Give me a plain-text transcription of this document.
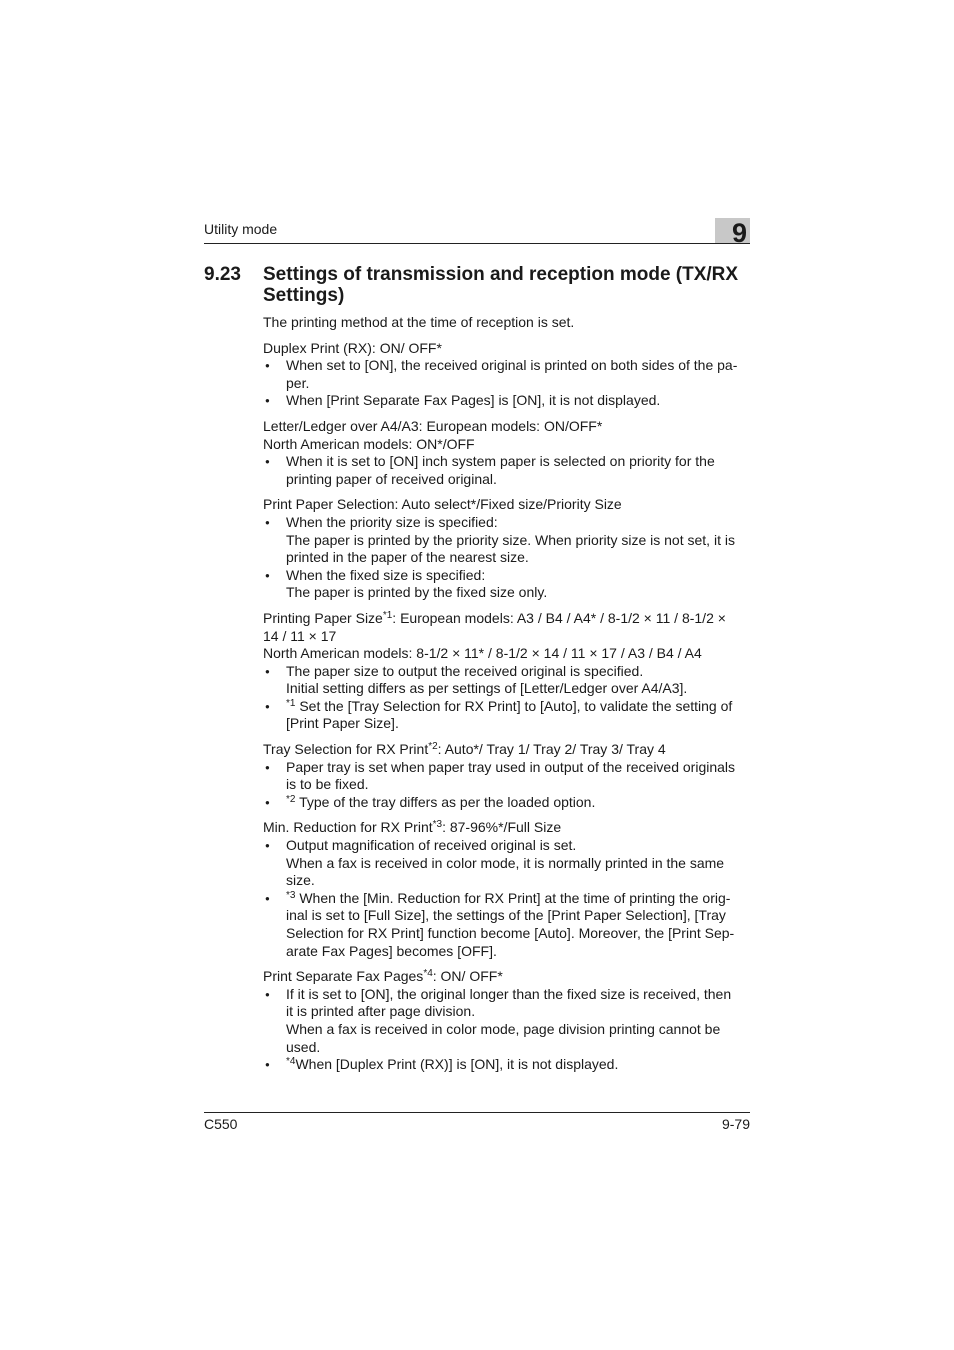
Utility mode	9
9.23 Settings of transmission and reception mode (TX/RX Settings)

The printing method at the time of reception is set.

Duplex Print (RX): ON/ OFF*

● When set to [ON], the received original is printed on both sides of the pa-
per.
● When [Print Separate Fax Pages] is [ON], it is not displayed.

Letter/Ledger over A4/A3: European models: ON/OFF*

North American models: ON*/OFF

● When it is set to [ON] inch system paper is selected on priority for the
printing paper of received original.

Print Paper Selection: Auto select*/Fixed size/Priority Size

● When the priority size is specified:
The paper is printed by the priority size. When priority size is not set, it is
printed in the paper of the nearest size.
● When the fixed size is specified:
The paper is printed by the fixed size only.

Printing Paper Size$^{*1}$: European models: A3 / B4 / A4* / 8-1/2 × 11 / 8-1/2 ×

14 / 11 × 17

North American models: 8-1/2 × 11* / 8-1/2 × 14 / 11 × 17 / A3 / B4 / A4

● The paper size to output the received original is specified.
Initial setting differs as per settings of [Letter/Ledger over A4/A3].
● $^{*1}$ Set the [Tray Selection for RX Print] to [Auto], to validate the setting of
[Print Paper Size].

Tray Selection for RX Print$^{*2}$: Auto*/ Tray 1/ Tray 2/ Tray 3/ Tray 4

● Paper tray is set when paper tray used in output of the received originals
is to be fixed.
● $^{*2}$ Type of the tray differs as per the loaded option.

Min. Reduction for RX Print$^{*3}$: 87-96%*/Full Size

● Output magnification of received original is set.
When a fax is received in color mode, it is normally printed in the same
size.
● $^{*3}$ When the [Min. Reduction for RX Print] at the time of printing the orig-
inal is set to [Full Size], the settings of the [Print Paper Selection], [Tray
Selection for RX Print] function become [Auto]. Moreover, the [Print Sep-
arate Fax Pages] becomes [OFF].

Print Separate Fax Pages$^{*4}$: ON/ OFF*

● If it is set to [ON], the original longer than the fixed size is received, then
it is printed after page division.
When a fax is received in color mode, page division printing cannot be
used.
● $^{*4}$When [Duplex Print (RX)] is [ON], it is not displayed.
C550	9-79
